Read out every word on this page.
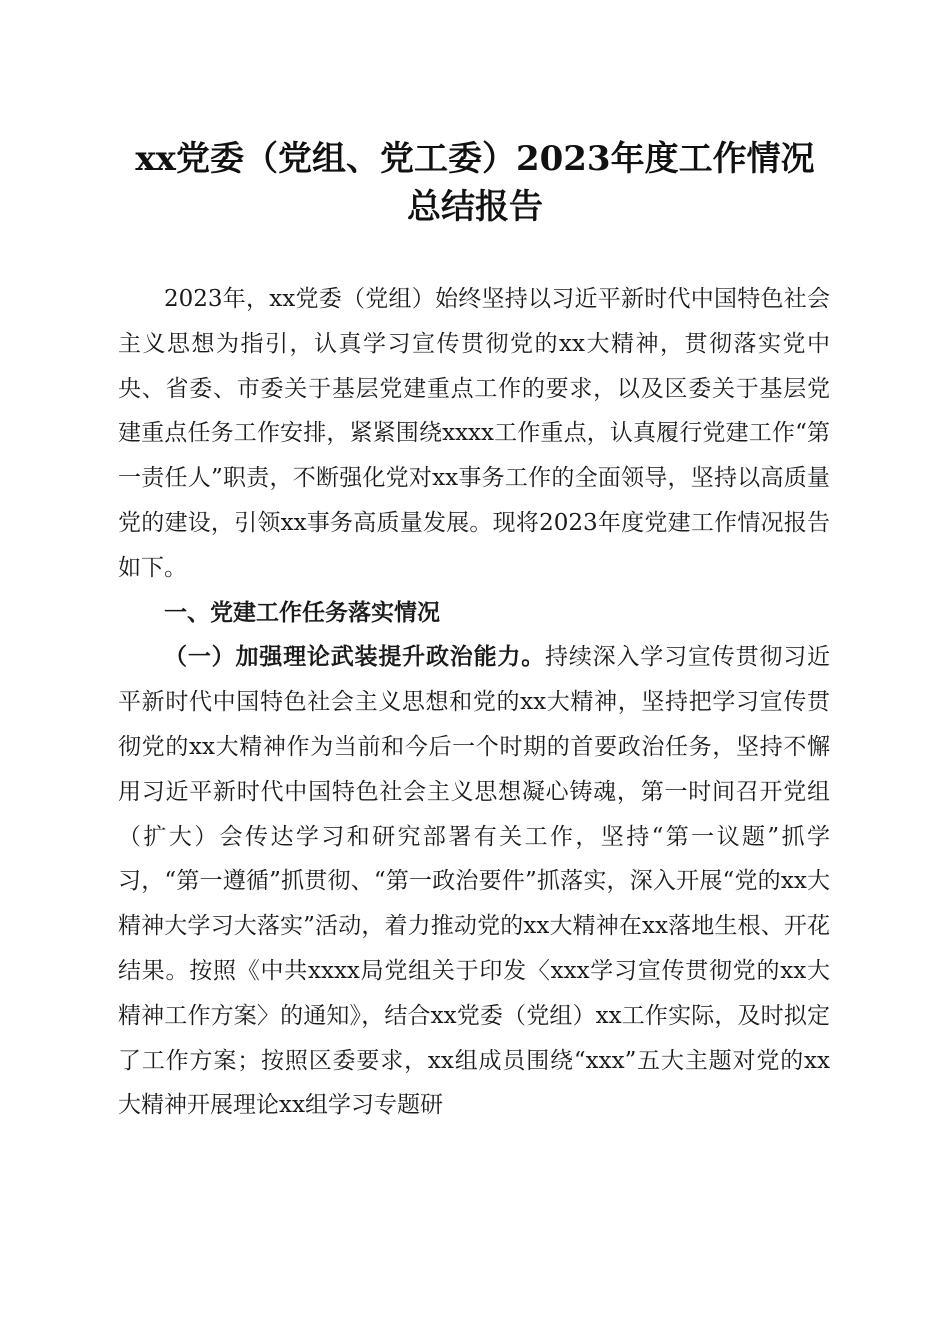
xx党委（党组、党工委）2023年度工作情况
总结报告

2023年，xx党委（党组）始终坚持以习近平新时代中国特色社会主义思想为指引，认真学习宣传贯彻党的xx大精神，贯彻落实党中央、省委、市委关于基层党建重点工作的要求，以及区委关于基层党建重点任务工作安排，紧紧围绕xxxx工作重点，认真履行党建工作“第一责任人”职责，不断强化党对xx事务工作的全面领导，坚持以高质量党的建设，引领xx事务高质量发展。现将2023年度党建工作情况报告如下。

一、党建工作任务落实情况

（一）加强理论武装提升政治能力。持续深入学习宣传贯彻习近平新时代中国特色社会主义思想和党的xx大精神，坚持把学习宣传贯彻党的xx大精神作为当前和今后一个时期的首要政治任务，坚持不懈用习近平新时代中国特色社会主义思想凝心铸魂，第一时间召开党组（扩大）会传达学习和研究部署有关工作，坚持“第一议题”抓学习，“第一遵循”抓贯彻、“第一政治要件”抓落实，深入开展“党的xx大精神大学习大落实”活动，着力推动党的xx大精神在xx落地生根、开花结果。按照《中共xxxx局党组关于印发〈xxx学习宣传贯彻党的xx大精神工作方案〉的通知》，结合xx党委（党组）xx工作实际，及时拟定了工作方案；按照区委要求，xx组成员围绕“xxx”五大主题对党的xx大精神开展理论xx组学习专题研
